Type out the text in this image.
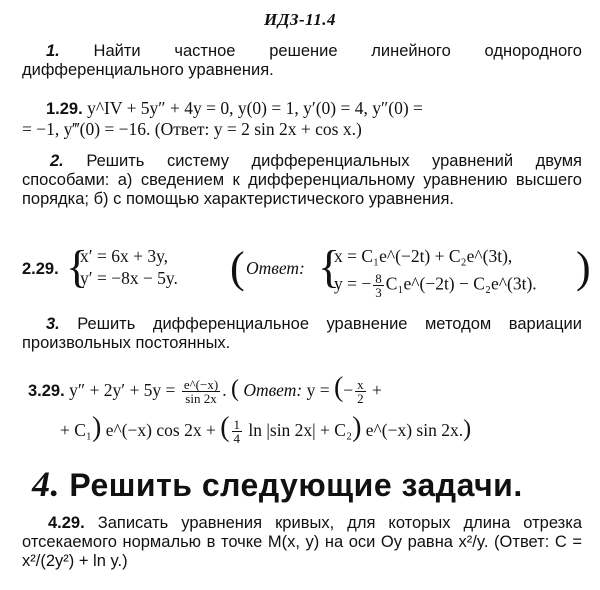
ИДЗ-11.4
1. Найти частное решение линейного однородного дифференциального уравнения.
1.29. y^IV + 5y″ + 4y = 0, y(0) = 1, y′(0) = 4, y″(0) =
= −1, y‴(0) = −16. (Ответ: y = 2 sin 2x + cos x.)
2. Решить систему дифференциальных уравнений двумя способами: а) сведением к дифференциальному уравнению высшего порядка; б) с помощью характеристического уравнения.
2.29. {
x′ = 6x + 3y,
y′ = −8x − 5y. ( Ответ: {
x = C₁e^(−2t) + C₂e^(3t),
y = − $\frac{8}{3}$ C₁e^(−2t) − C₂e^(3t). )
3. Решить дифференциальное уравнение методом вариации произвольных постоянных.
3.29. $y'' + 2y' + 5y = \frac{e\^{}(-x)}{\sin 2x}$ . ( Ответ: y = (− $\frac{x}{2}$ +
+ C₁) e^(−x) cos 2x + ( $\frac{1}{4}$ ln |sin 2x| + C₂) e^(−x) sin 2x.)
4. Решить следующие задачи.
4.29. Записать уравнения кривых, для которых длина отрезка отсекаемого нормалью в точке M(x, y) на оси Oy равна x²/y. (Ответ: C = x²/(2y²) + ln y.)
